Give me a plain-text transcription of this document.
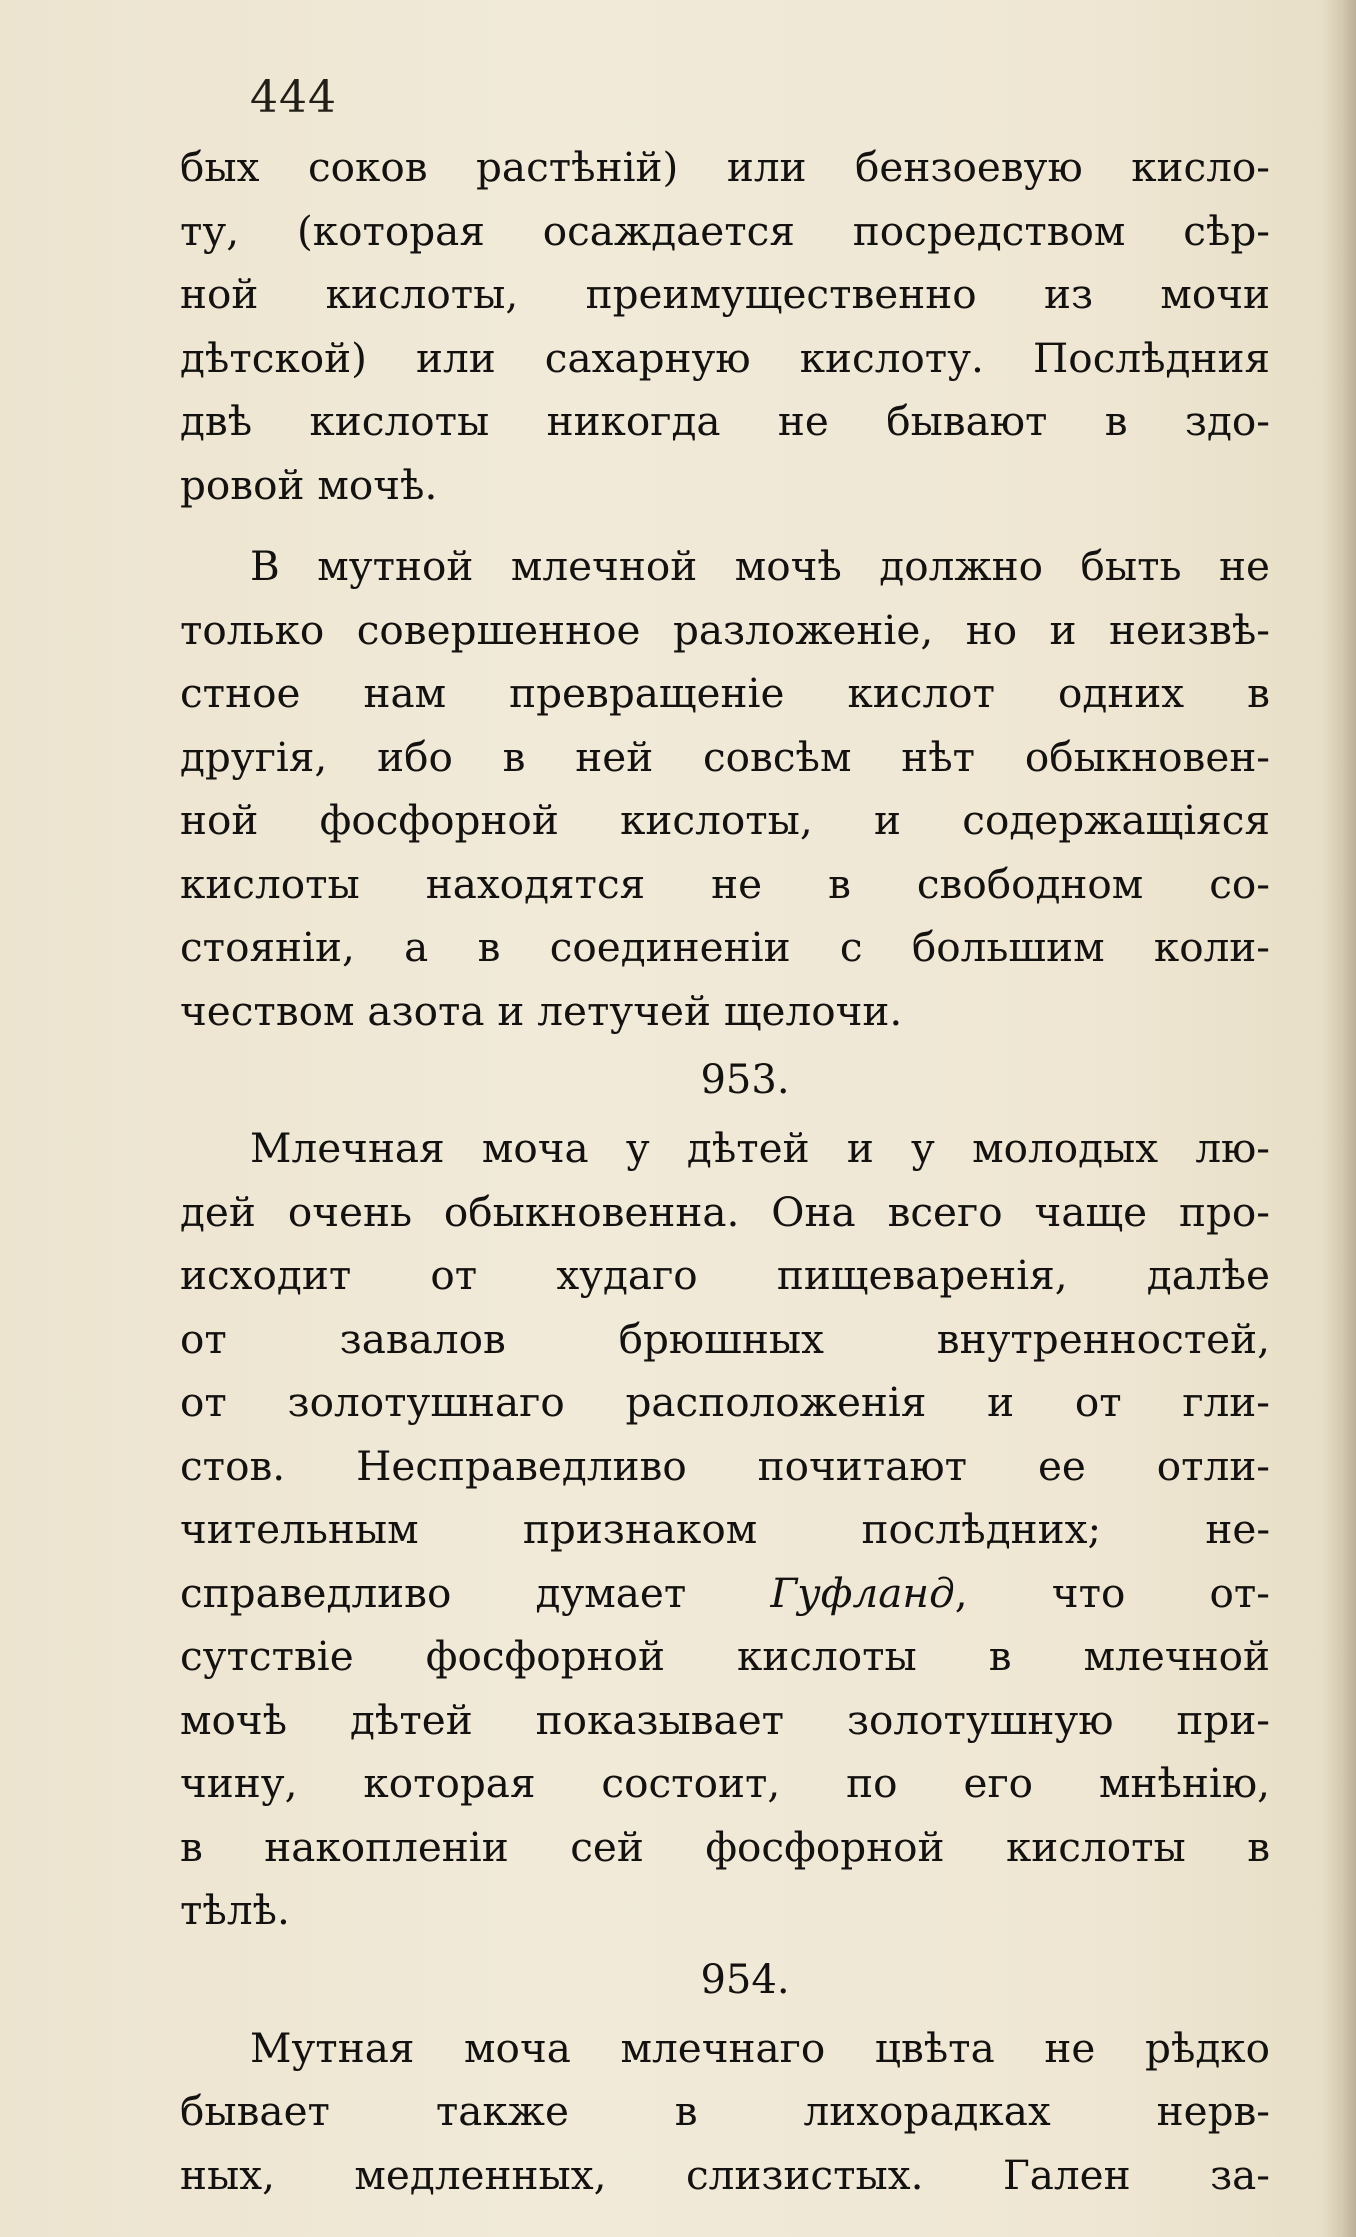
444
бых соков растѣній) или бензоевую кисло-
ту, (которая осаждается посредством сѣр-
ной кислоты, преимущественно из мочи
дѣтской) или сахарную кислоту. Послѣдния
двѣ кислоты никогда не бывают в здо-
ровой мочѣ.
В мутной млечной мочѣ должно быть не
только совершенное разложеніе, но и неизвѣ-
стное нам превращеніе кислот одних в
другія, ибо в ней совсѣм нѣт обыкновен-
ной фосфорной кислоты, и содержащіяся
кислоты находятся не в свободном со-
стояніи, а в соединеніи с большим коли-
чеством азота и летучей щелочи.
953.
Млечная моча у дѣтей и у молодых лю-
дей очень обыкновенна. Она всего чаще про-
исходит от худаго пищеваренія, далѣе
от завалов брюшных внутренностей,
от золотушнаго расположенія и от гли-
стов. Несправедливо почитают ее отли-
чительным признаком послѣдних; не-
справедливо думает Гуфланд, что от-
сутствіе фосфорной кислоты в млечной
мочѣ дѣтей показывает золотушную при-
чину, которая состоит, по его мнѣнію,
в накопленіи сей фосфорной кислоты в
тѣлѣ.
954.
Мутная моча млечнаго цвѣта не рѣдко
бывает также в лихорадках нерв-
ных, медленных, слизистых. Гален за-
